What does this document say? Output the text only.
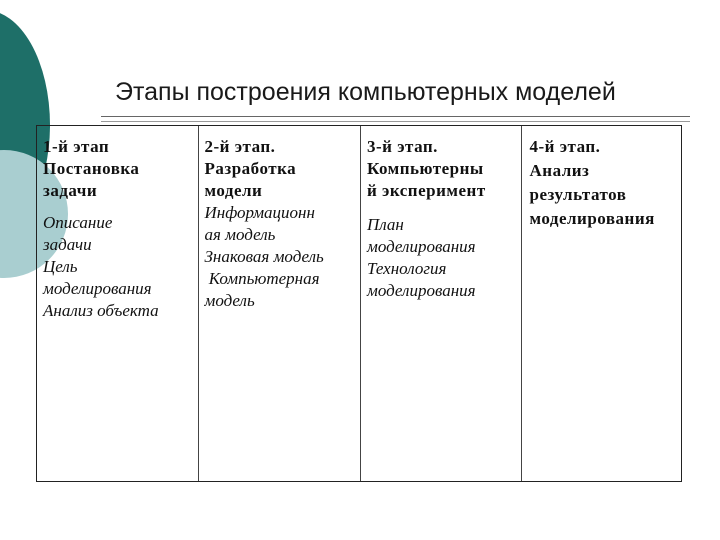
Этапы построения компьютерных моделей
1-й этап
Постановка
задачи
Описание
задачи
Цель
моделирования
Анализ объекта
2-й этап.
Разработка
модели
Информационн
ая модель
Знаковая модель
Компьютерная
модель
3-й этап.
Компьютерны
й эксперимент
План
моделирования
Технология
моделирования
4-й этап.
Анализ
результатов
моделирования
